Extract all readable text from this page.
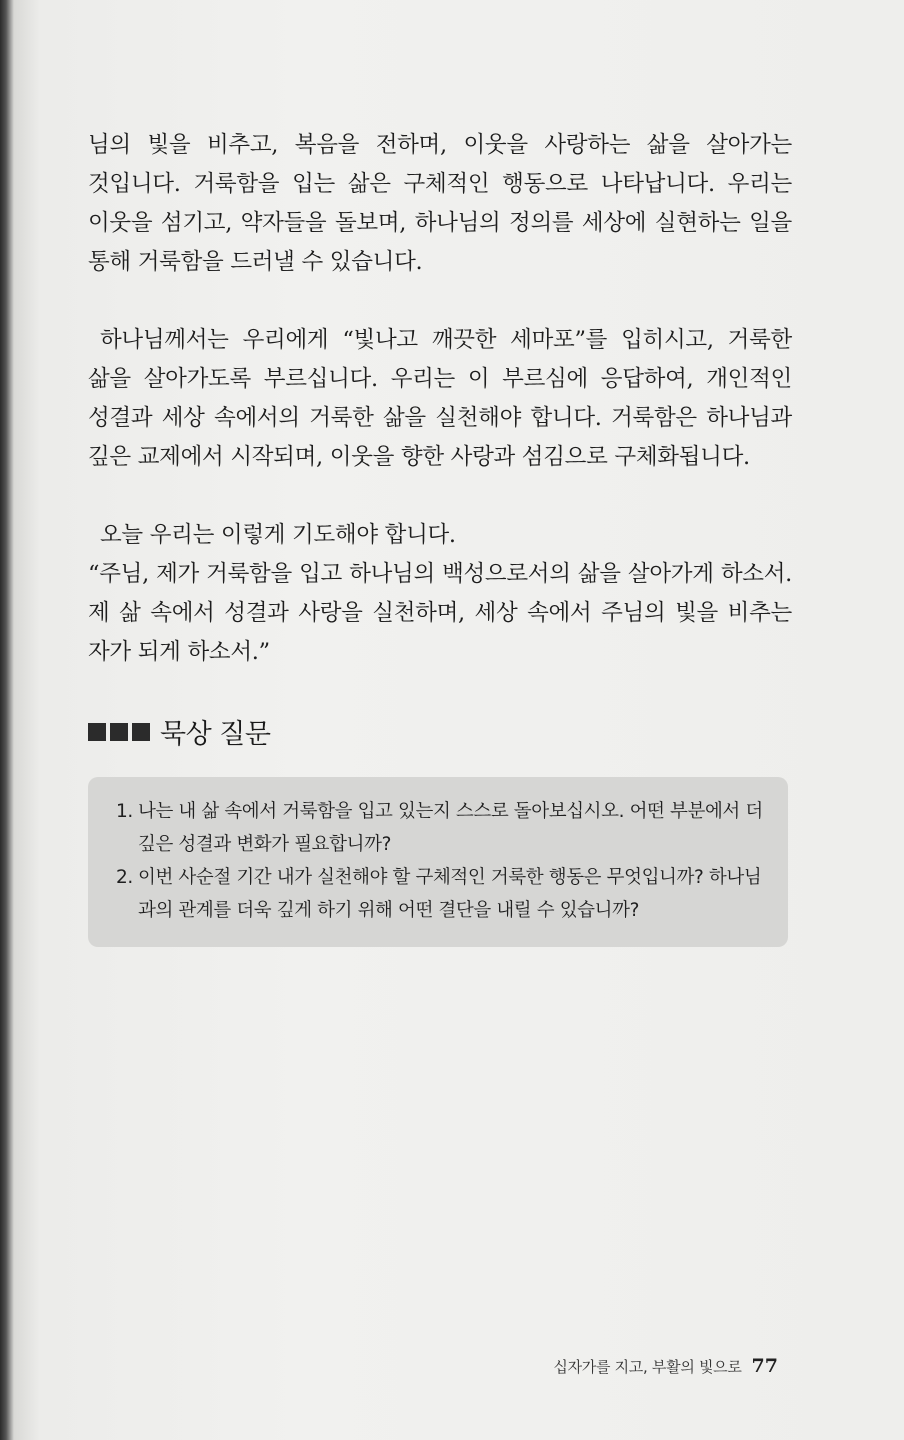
님의 빛을 비추고, 복음을 전하며, 이웃을 사랑하는 삶을 살아가는 것입니다. 거룩함을 입는 삶은 구체적인 행동으로 나타납니다. 우리는 이웃을 섬기고, 약자들을 돌보며, 하나님의 정의를 세상에 실현하는 일을 통해 거룩함을 드러낼 수 있습니다.

하나님께서는 우리에게 “빛나고 깨끗한 세마포”를 입히시고, 거룩한 삶을 살아가도록 부르십니다. 우리는 이 부르심에 응답하여, 개인적인 성결과 세상 속에서의 거룩한 삶을 실천해야 합니다. 거룩함은 하나님과 깊은 교제에서 시작되며, 이웃을 향한 사랑과 섬김으로 구체화됩니다.

오늘 우리는 이렇게 기도해야 합니다.

“주님, 제가 거룩함을 입고 하나님의 백성으로서의 삶을 살아가게 하소서. 제 삶 속에서 성결과 사랑을 실천하며, 세상 속에서 주님의 빛을 비추는 자가 되게 하소서.”

묵상 질문
1. 나는 내 삶 속에서 거룩함을 입고 있는지 스스로 돌아보십시오. 어떤 부분에서 더 깊은 성결과 변화가 필요합니까?
2. 이번 사순절 기간 내가 실천해야 할 구체적인 거룩한 행동은 무엇입니까? 하나님과의 관계를 더욱 깊게 하기 위해 어떤 결단을 내릴 수 있습니까?
십자가를 지고, 부활의 빛으로 77
